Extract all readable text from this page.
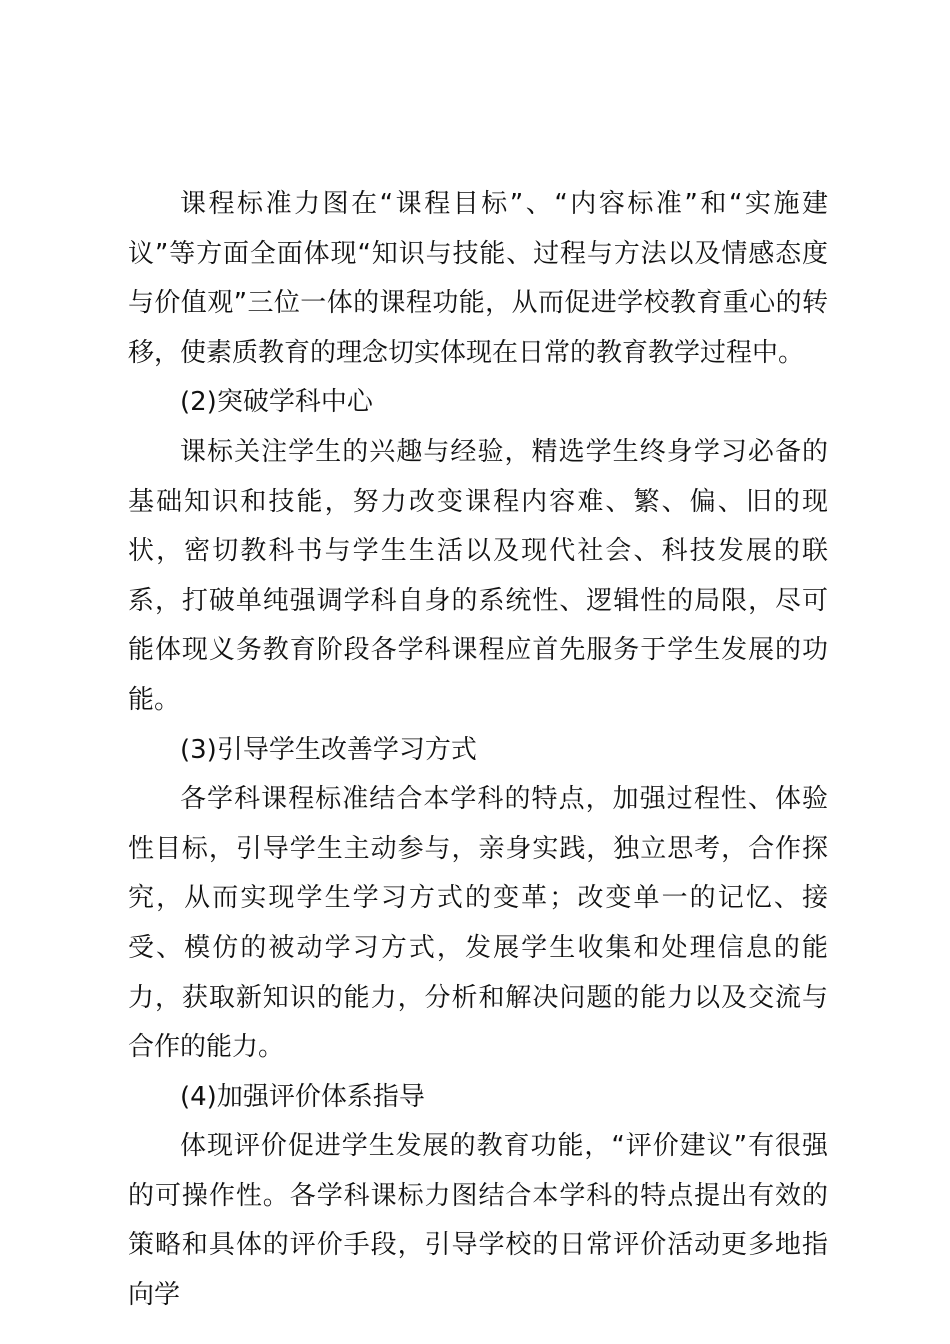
课程标准力图在“课程目标”、“内容标准”和“实施建议”等方面全面体现“知识与技能、过程与方法以及情感态度与价值观”三位一体的课程功能，从而促进学校教育重心的转移，使素质教育的理念切实体现在日常的教育教学过程中。

(2)突破学科中心

课标关注学生的兴趣与经验，精选学生终身学习必备的基础知识和技能，努力改变课程内容难、繁、偏、旧的现状，密切教科书与学生生活以及现代社会、科技发展的联系，打破单纯强调学科自身的系统性、逻辑性的局限，尽可能体现义务教育阶段各学科课程应首先服务于学生发展的功能。

(3)引导学生改善学习方式

各学科课程标准结合本学科的特点，加强过程性、体验性目标，引导学生主动参与，亲身实践，独立思考，合作探究，从而实现学生学习方式的变革；改变单一的记忆、接受、模仿的被动学习方式，发展学生收集和处理信息的能力，获取新知识的能力，分析和解决问题的能力以及交流与合作的能力。

(4)加强评价体系指导

体现评价促进学生发展的教育功能，“评价建议”有很强的可操作性。各学科课标力图结合本学科的特点提出有效的策略和具体的评价手段，引导学校的日常评价活动更多地指向学
